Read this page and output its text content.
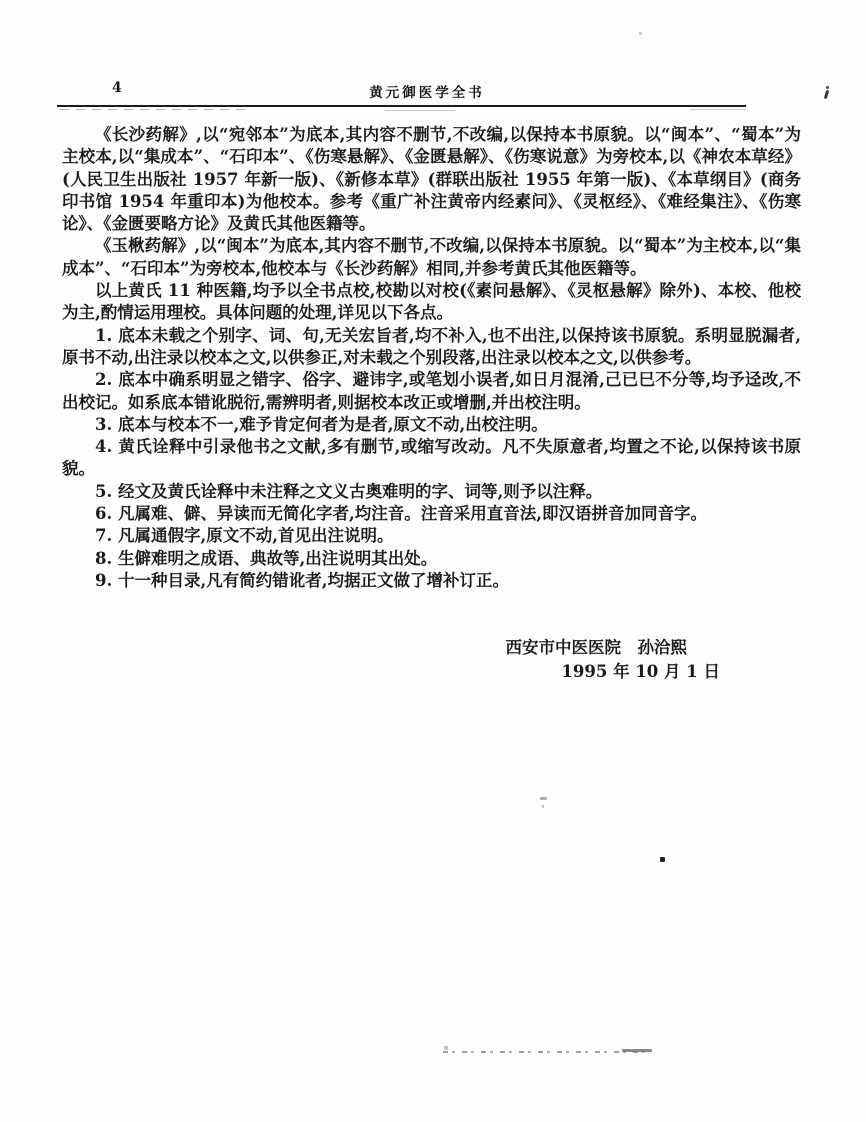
4	黄元御医学全书

《长沙药解》,以“宛邻本”为底本,其内容不删节,不改编,以保持本书原貌。以“闽本”、“蜀本”为主校本,以“集成本”、“石印本”、《伤寒悬解》、《金匮悬解》、《伤寒说意》为旁校本,以《神农本草经》(人民卫生出版社 1957 年新一版)、《新修本草》(群联出版社 1955 年第一版)、《本草纲目》(商务印书馆 1954 年重印本)为他校本。参考《重广补注黄帝内经素问》、《灵枢经》、《难经集注》、《伤寒论》、《金匮要略方论》及黄氏其他医籍等。

《玉楸药解》,以“闽本”为底本,其内容不删节,不改编,以保持本书原貌。以“蜀本”为主校本,以“集成本”、“石印本”为旁校本,他校本与《长沙药解》相同,并参考黄氏其他医籍等。

以上黄氏 11 种医籍,均予以全书点校,校勘以对校(《素问悬解》、《灵枢悬解》除外)、本校、他校为主,酌情运用理校。具体问题的处理,详见以下各点。

1. 底本未载之个别字、词、句,无关宏旨者,均不补入,也不出注,以保持该书原貌。系明显脱漏者,原书不动,出注录以校本之文,以供参正,对未载之个别段落,出注录以校本之文,以供参考。

2. 底本中确系明显之错字、俗字、避讳字,或笔划小误者,如日月混淆,己已巳不分等,均予迳改,不出校记。如系底本错讹脱衍,需辨明者,则据校本改正或增删,并出校注明。

3. 底本与校本不一,难予肯定何者为是者,原文不动,出校注明。

4. 黄氏诠释中引录他书之文献,多有删节,或缩写改动。凡不失原意者,均置之不论,以保持该书原貌。

5. 经文及黄氏诠释中未注释之文义古奥难明的字、词等,则予以注释。

6. 凡属难、僻、异读而无简化字者,均注音。注音采用直音法,即汉语拼音加同音字。

7. 凡属通假字,原文不动,首见出注说明。

8. 生僻难明之成语、典故等,出注说明其出处。

9. 十一种目录,凡有简约错讹者,均据正文做了增补订正。

西安市中医医院　孙洽熙
1995 年 10 月 1 日
